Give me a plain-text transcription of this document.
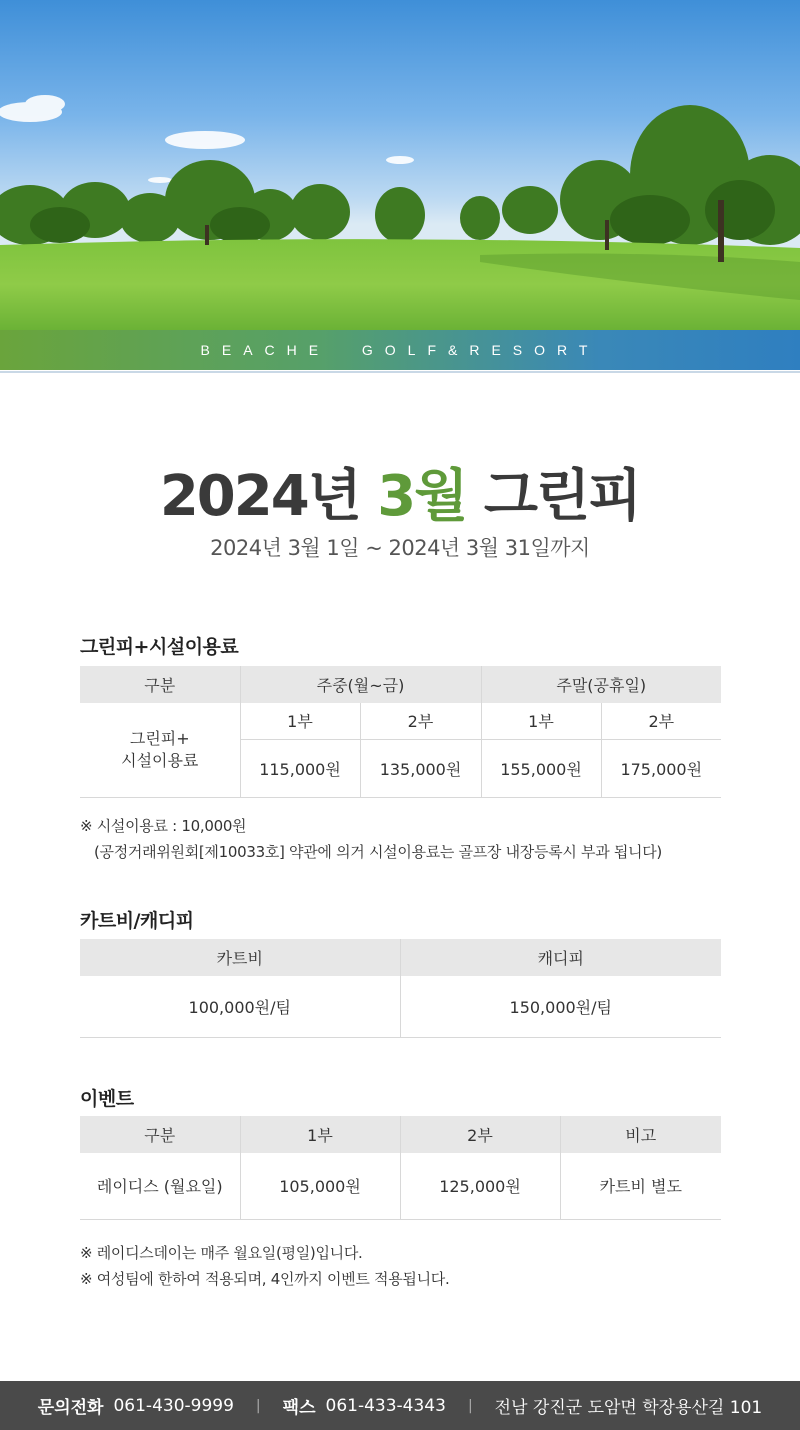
BEACHE  GOLF&RESORT
2024년 3월 그린피
2024년 3월 1일 ~ 2024년 3월 31일까지
그린피+시설이용료
구분	주중(월~금)		주말(공휴일)	
그린피+
시설이용료	1부	2부	1부	2부
	115,000원	135,000원	155,000원	175,000원
※ 시설이용료 : 10,000원
(공정거래위원회[제10033호] 약관에 의거 시설이용료는 골프장 내장등록시 부과 됩니다)
카트비/캐디피
카트비	캐디피
100,000원/팀	150,000원/팀
이벤트
구분	1부	2부	비고
레이디스 (월요일)	105,000원	125,000원	카트비 별도
※ 레이디스데이는 매주 월요일(평일)입니다.
※ 여성팀에 한하여 적용되며, 4인까지 이벤트 적용됩니다.
문의전화 061-430-9999 | 팩스 061-433-4343 | 전남 강진군 도암면 학장용산길 101
